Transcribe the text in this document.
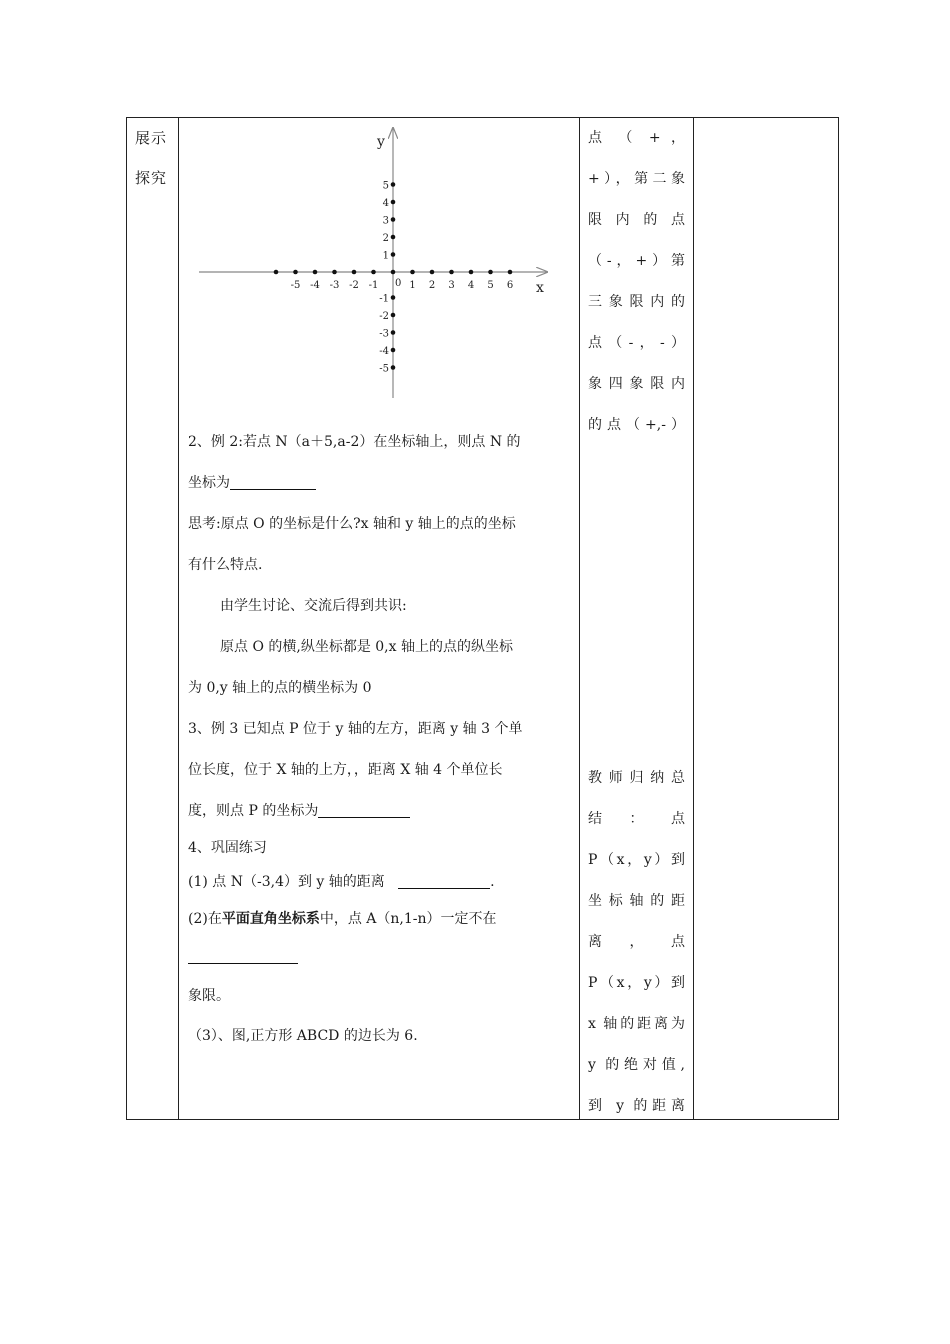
展示
探究

y
x
0
-5 -4 -3 -2 -1	1 2 3 4 5 6
5
4
3
2
1
-1
-2
-3
-4
-5
2、例 2:若点 N（a＋5,a-2）在坐标轴上，则点 N 的
坐标为
思考:原点 O 的坐标是什么?x 轴和 y 轴上的点的坐标
有什么特点.
由学生讨论、交流后得到共识:
原点 O 的横,纵坐标都是 0,x 轴上的点的纵坐标
为 0,y 轴上的点的横坐标为 0
3、例 3 已知点 P 位于 y 轴的左方，距离 y 轴 3 个单
位长度，位于 X 轴的上方，，距离 X 轴 4 个单位长
度，则点 P 的坐标为
4、巩固练习
(1) 点 N（-3,4）到 y 轴的距离	.
(2)在平面直角坐标系中，点 A（n,1-n）一定不在
象限。
（3）、图,正方形 ABCD 的边长为 6.

点 （ + ，
+），第二象
限 内 的 点
（-，+）第
三象限内的
点（-，-）
象四象限内
的点（+,-）
教师归纳总
结 ： 点
P（x，y）到
坐标轴的距
离 ， 点
P（x，y）到
x 轴的距离为
y 的绝对值,
到 y 的距离
